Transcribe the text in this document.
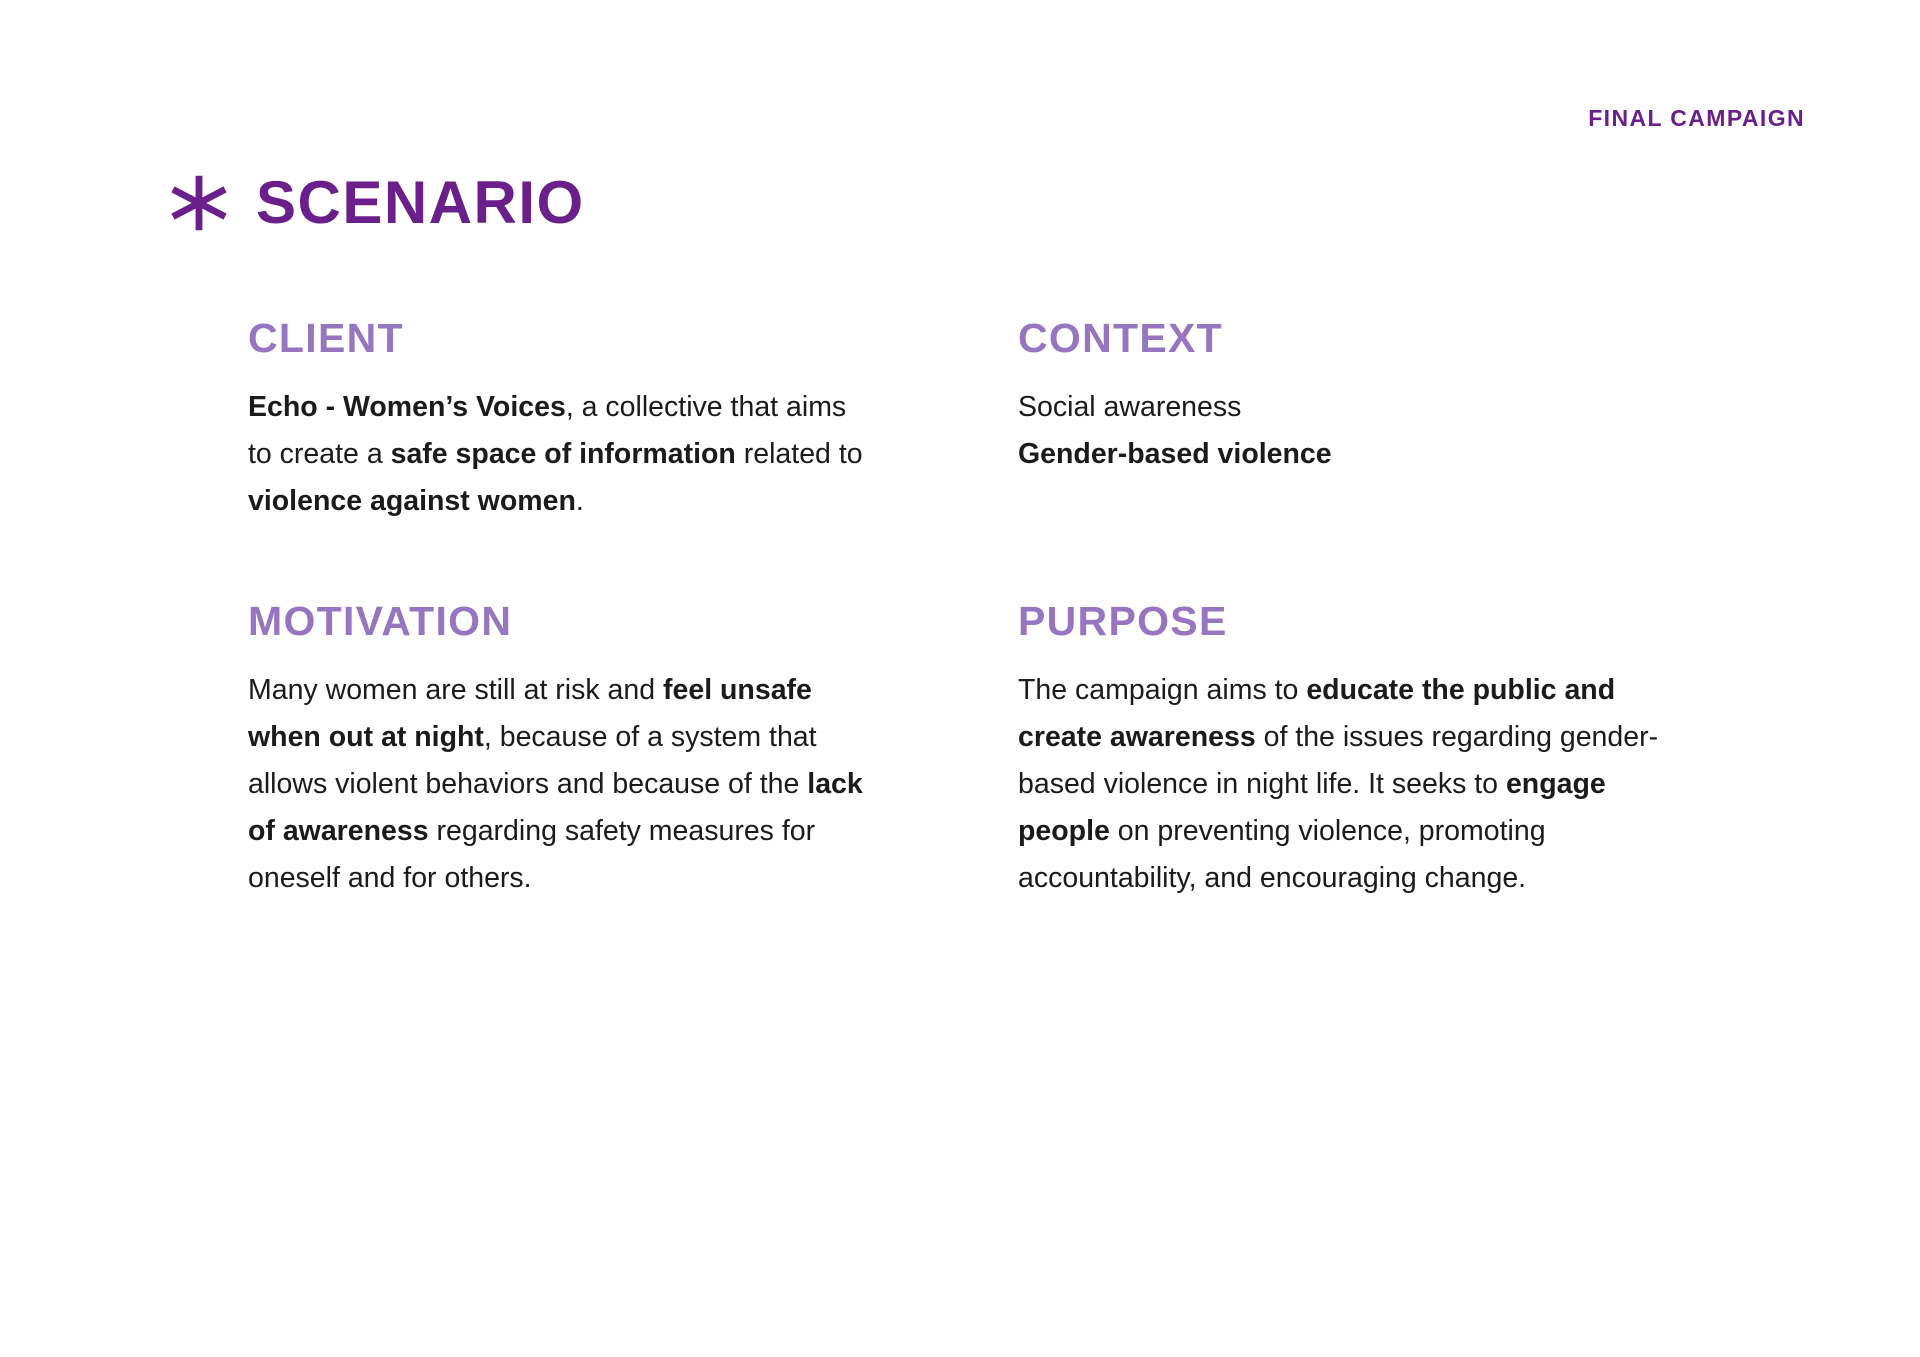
FINAL CAMPAIGN
SCENARIO
CLIENT

Echo - Women’s Voices, a collective that aims to create a safe space of information related to violence against women.

CONTEXT

Social awareness
Gender-based violence

MOTIVATION

Many women are still at risk and feel unsafe when out at night, because of a system that allows violent behaviors and because of the lack of awareness regarding safety measures for oneself and for others.

PURPOSE

The campaign aims to educate the public and create awareness of the issues regarding gender-based violence in night life. It seeks to engage people on preventing violence, promoting accountability, and encouraging change.
